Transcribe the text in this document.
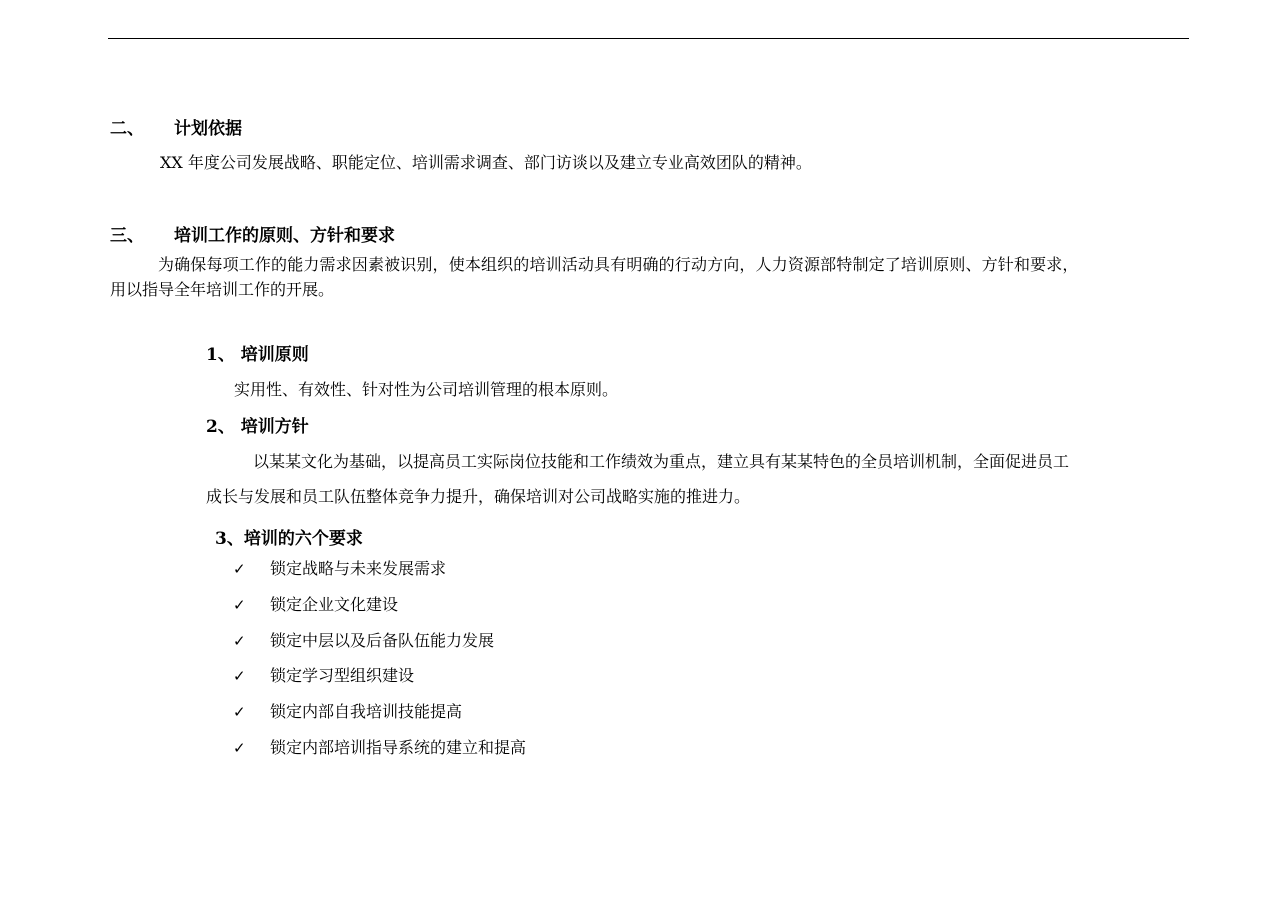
二、 计划依据
XX 年度公司发展战略、职能定位、培训需求调查、部门访谈以及建立专业高效团队的精神。
三、 培训工作的原则、方针和要求
为确保每项工作的能力需求因素被识别，使本组织的培训活动具有明确的行动方向，人力资源部特制定了培训原则、方针和要求，
用以指导全年培训工作的开展。
1、 培训原则
实用性、有效性、针对性为公司培训管理的根本原则。
2、 培训方针
以某某文化为基础，以提高员工实际岗位技能和工作绩效为重点，建立具有某某特色的全员培训机制，全面促进员工
成长与发展和员工队伍整体竞争力提升，确保培训对公司战略实施的推进力。
3、培训的六个要求
✓ 锁定战略与未来发展需求
✓ 锁定企业文化建设
✓ 锁定中层以及后备队伍能力发展
✓ 锁定学习型组织建设
✓ 锁定内部自我培训技能提高
✓ 锁定内部培训指导系统的建立和提高
